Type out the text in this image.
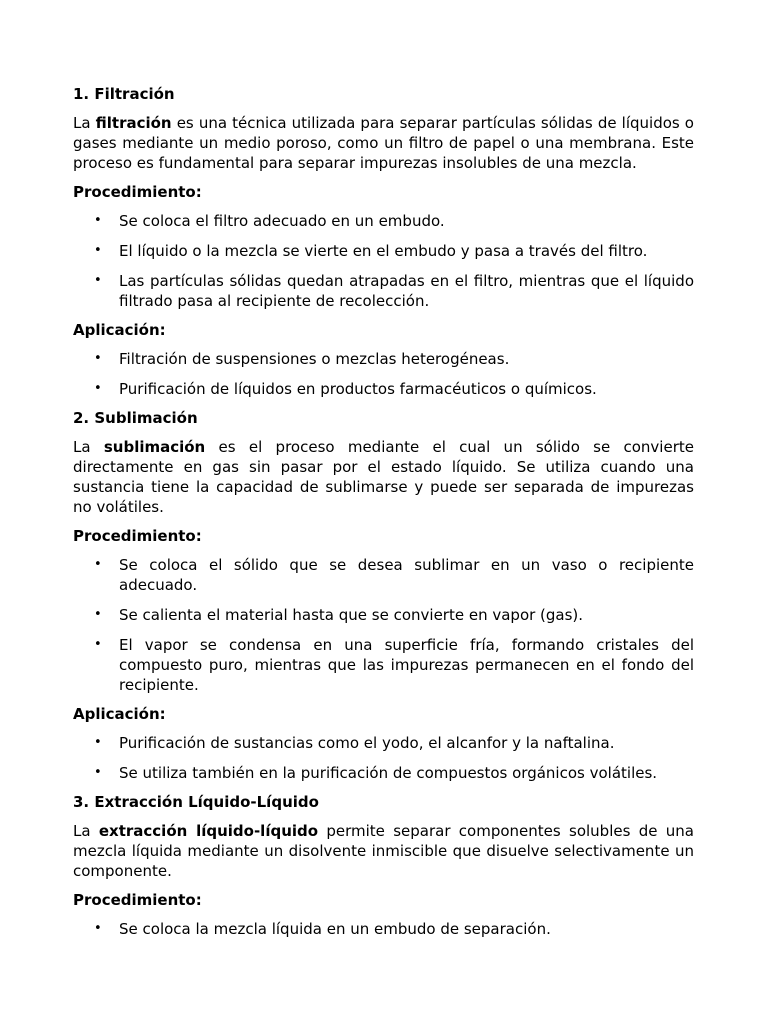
1. Filtración

La filtración es una técnica utilizada para separar partículas sólidas de líquidos o gases mediante un medio poroso, como un filtro de papel o una membrana. Este proceso es fundamental para separar impurezas insolubles de una mezcla.

Procedimiento:

• Se coloca el filtro adecuado en un embudo.
• El líquido o la mezcla se vierte en el embudo y pasa a través del filtro.
• Las partículas sólidas quedan atrapadas en el filtro, mientras que el líquido filtrado pasa al recipiente de recolección.

Aplicación:

• Filtración de suspensiones o mezclas heterogéneas.
• Purificación de líquidos en productos farmacéuticos o químicos.
2. Sublimación

La sublimación es el proceso mediante el cual un sólido se convierte directamente en gas sin pasar por el estado líquido. Se utiliza cuando una sustancia tiene la capacidad de sublimarse y puede ser separada de impurezas no volátiles.

Procedimiento:

• Se coloca el sólido que se desea sublimar en un vaso o recipiente adecuado.
• Se calienta el material hasta que se convierte en vapor (gas).
• El vapor se condensa en una superficie fría, formando cristales del compuesto puro, mientras que las impurezas permanecen en el fondo del recipiente.

Aplicación:

• Purificación de sustancias como el yodo, el alcanfor y la naftalina.
• Se utiliza también en la purificación de compuestos orgánicos volátiles.
3. Extracción Líquido-Líquido

La extracción líquido-líquido permite separar componentes solubles de una mezcla líquida mediante un disolvente inmiscible que disuelve selectivamente un componente.

Procedimiento:

• Se coloca la mezcla líquida en un embudo de separación.
